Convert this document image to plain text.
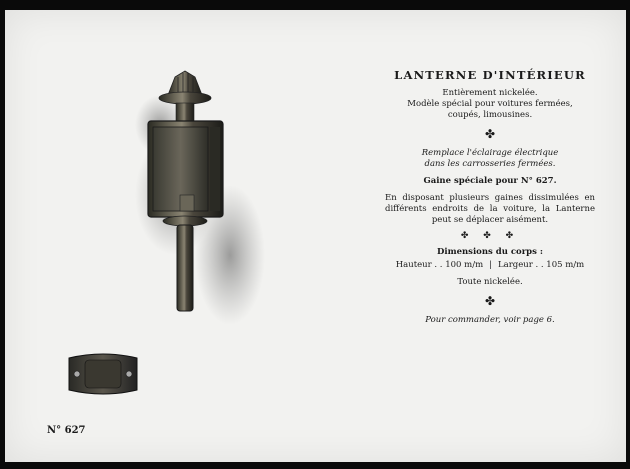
N° 627
LANTERNE D'INTÉRIEUR
Entièrement nickelée.
Modèle spécial pour voitures fermées,
coupés, limousines.
✤
Remplace l'éclairage électrique
dans les carrosseries fermées.
Gaine spéciale pour N° 627.
En disposant plusieurs gaines dissimulées en différents endroits de la voiture, la Lanterne peut se déplacer aisément.
✤ ✤ ✤
Dimensions du corps :
Hauteur . . 100 m/m | Largeur . . 105 m/m
Toute nickelée.
✤
Pour commander, voir page 6.
